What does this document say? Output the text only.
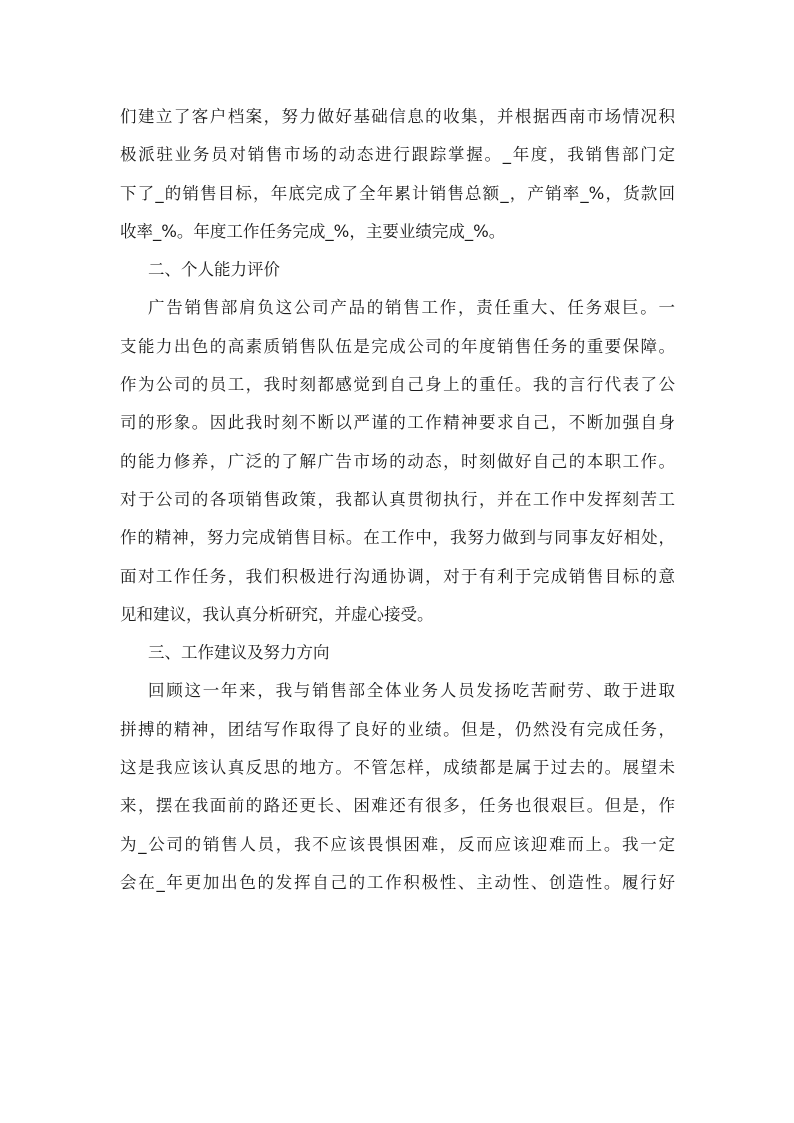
们建立了客户档案，努力做好基础信息的收集，并根据西南市场情况积
极派驻业务员对销售市场的动态进行跟踪掌握。_年度，我销售部门定
下了_的销售目标，年底完成了全年累计销售总额_，产销率_%，货款回
收率_%。年度工作任务完成_%，主要业绩完成_%。
二、个人能力评价
广告销售部肩负这公司产品的销售工作，责任重大、任务艰巨。一
支能力出色的高素质销售队伍是完成公司的年度销售任务的重要保障。
作为公司的员工，我时刻都感觉到自己身上的重任。我的言行代表了公
司的形象。因此我时刻不断以严谨的工作精神要求自己，不断加强自身
的能力修养，广泛的了解广告市场的动态，时刻做好自己的本职工作。
对于公司的各项销售政策，我都认真贯彻执行，并在工作中发挥刻苦工
作的精神，努力完成销售目标。在工作中，我努力做到与同事友好相处，
面对工作任务，我们积极进行沟通协调，对于有利于完成销售目标的意
见和建议，我认真分析研究，并虚心接受。
三、工作建议及努力方向
回顾这一年来，我与销售部全体业务人员发扬吃苦耐劳、敢于进取
拼搏的精神，团结写作取得了良好的业绩。但是，仍然没有完成任务，
这是我应该认真反思的地方。不管怎样，成绩都是属于过去的。展望未
来，摆在我面前的路还更长、困难还有很多，任务也很艰巨。但是，作
为_公司的销售人员，我不应该畏惧困难，反而应该迎难而上。我一定
会在_年更加出色的发挥自己的工作积极性、主动性、创造性。履行好
